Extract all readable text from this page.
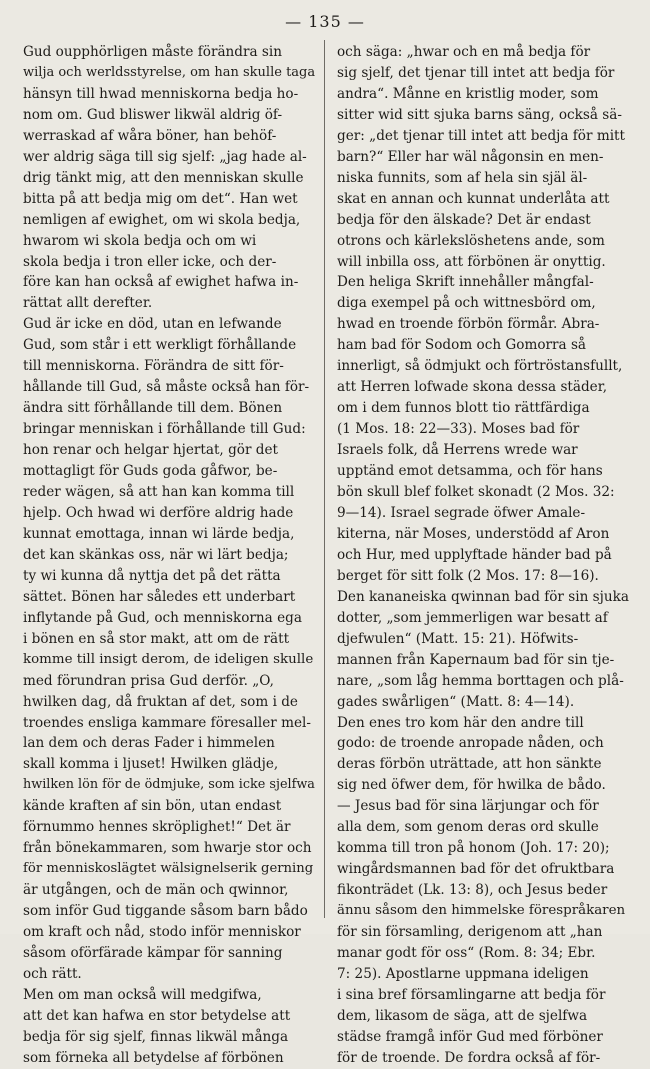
— 135 —
Gud oupphörligen måste förändra sin
wilja och werldsstyrelse, om han skulle taga
hänsyn till hwad menniskorna bedja ho-
nom om. Gud bliswer likwäl aldrig öf-
werraskad af wåra böner, han behöf-
wer aldrig säga till sig sjelf: „jag hade al-
drig tänkt mig, att den menniskan skulle
bitta på att bedja mig om det“. Han wet
nemligen af ewighet, om wi skola bedja,
hwarom wi skola bedja och om wi
skola bedja i tron eller icke, och der-
före kan han också af ewighet hafwa in-
rättat allt derefter.
Gud är icke en död, utan en lefwande
Gud, som står i ett werkligt förhållande
till menniskorna. Förändra de sitt för-
hållande till Gud, så måste också han för-
ändra sitt förhållande till dem. Bönen
bringar menniskan i förhållande till Gud:
hon renar och helgar hjertat, gör det
mottagligt för Guds goda gåfwor, be-
reder wägen, så att han kan komma till
hjelp. Och hwad wi derföre aldrig hade
kunnat emottaga, innan wi lärde bedja,
det kan skänkas oss, när wi lärt bedja;
ty wi kunna då nyttja det på det rätta
sättet. Bönen har således ett underbart
inflytande på Gud, och menniskorna ega
i bönen en så stor makt, att om de rätt
komme till insigt derom, de ideligen skulle
med förundran prisa Gud derför. „O,
hwilken dag, då fruktan af det, som i de
troendes ensliga kammare föresaller mel-
lan dem och deras Fader i himmelen
skall komma i ljuset! Hwilken glädje,
hwilken lön för de ödmjuke, som icke sjelfwa
kände kraften af sin bön, utan endast
förnummo hennes skröplighet!“ Det är
från bönekammaren, som hwarje stor och
för menniskoslägtet wälsignelserik gerning
är utgången, och de män och qwinnor,
som inför Gud tiggande såsom barn bådo
om kraft och nåd, stodo inför menniskor
såsom oförfärade kämpar för sanning
och rätt.
Men om man också will medgifwa,
att det kan hafwa en stor betydelse att
bedja för sig sjelf, finnas likwäl många
som förneka all betydelse af förbönen
och säga: „hwar och en må bedja för
sig sjelf, det tjenar till intet att bedja för
andra“. Månne en kristlig moder, som
sitter wid sitt sjuka barns säng, också sä-
ger: „det tjenar till intet att bedja för mitt
barn?“ Eller har wäl någonsin en men-
niska funnits, som af hela sin själ äl-
skat en annan och kunnat underlåta att
bedja för den älskade? Det är endast
otrons och kärlekslöshetens ande, som
will inbilla oss, att förbönen är onyttig.
Den heliga Skrift innehåller mångfal-
diga exempel på och wittnesbörd om,
hwad en troende förbön förmår. Abra-
ham bad för Sodom och Gomorra så
innerligt, så ödmjukt och förtröstansfullt,
att Herren lofwade skona dessa städer,
om i dem funnos blott tio rättfärdiga
(1 Mos. 18: 22—33). Moses bad för
Israels folk, då Herrens wrede war
upptänd emot detsamma, och för hans
bön skull blef folket skonadt (2 Mos. 32:
9—14). Israel segrade öfwer Amale-
kiterna, när Moses, understödd af Aron
och Hur, med upplyftade händer bad på
berget för sitt folk (2 Mos. 17: 8—16).
Den kananeiska qwinnan bad för sin sjuka
dotter, „som jemmerligen war besatt af
djefwulen“ (Matt. 15: 21). Höfwits-
mannen från Kapernaum bad för sin tje-
nare, „som låg hemma borttagen och plå-
gades swårligen“ (Matt. 8: 4—14).
Den enes tro kom här den andre till
godo: de troende anropade nåden, och
deras förbön uträttade, att hon sänkte
sig ned öfwer dem, för hwilka de bådo.
— Jesus bad för sina lärjungar och för
alla dem, som genom deras ord skulle
komma till tron på honom (Joh. 17: 20);
wingårdsmannen bad för det ofruktbara
fikonträdet (Lk. 13: 8), och Jesus beder
ännu såsom den himmelske förespråkaren
för sin församling, derigenom att „han
manar godt för oss“ (Rom. 8: 34; Ebr.
7: 25). Apostlarne uppmana ideligen
i sina bref församlingarne att bedja för
dem, likasom de säga, att de sjelfwa
städse framgå inför Gud med förböner
för de troende. De fordra också af för-
